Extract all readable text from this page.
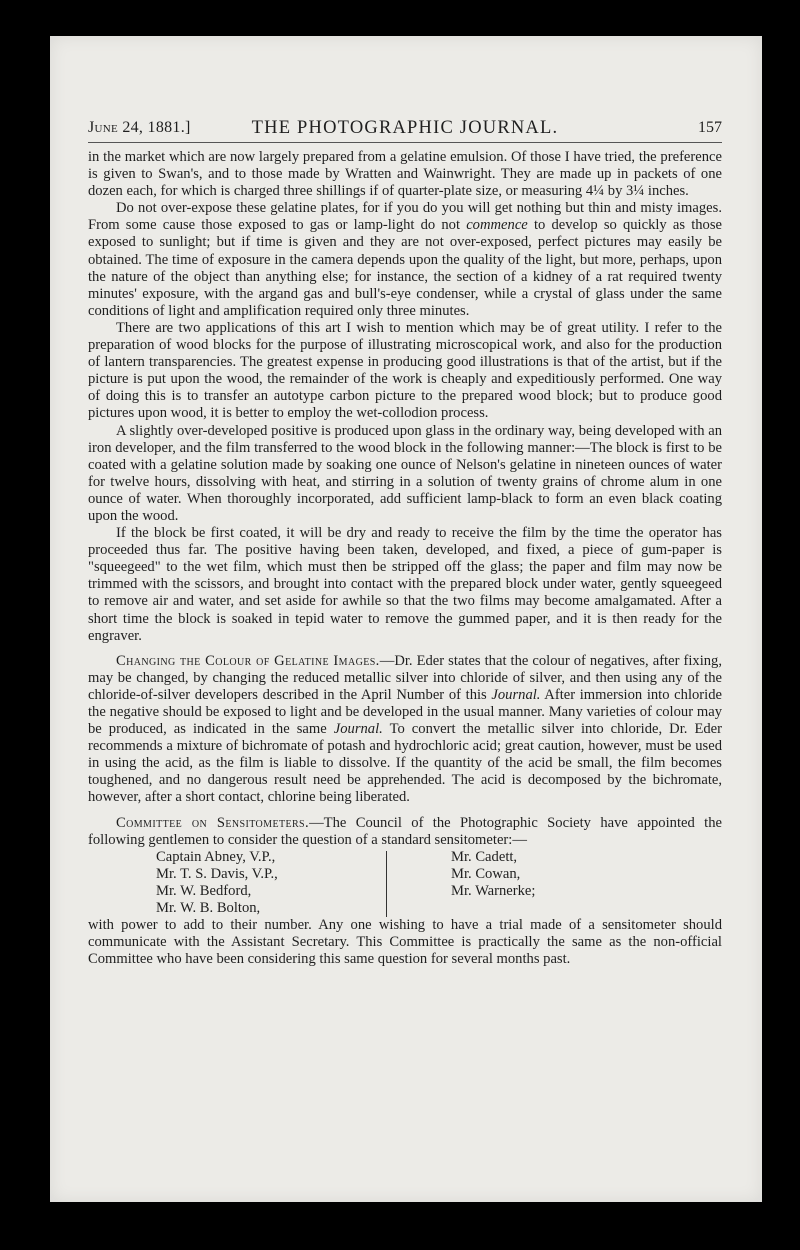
June 24, 1881.]	THE PHOTOGRAPHIC JOURNAL.	157

in the market which are now largely prepared from a gelatine emulsion. Of those I have tried, the preference is given to Swan's, and to those made by Wratten and Wainwright. They are made up in packets of one dozen each, for which is charged three shillings if of quarter-plate size, or measuring 4¼ by 3¼ inches.

Do not over-expose these gelatine plates, for if you do you will get nothing but thin and misty images. From some cause those exposed to gas or lamp-light do not commence to develop so quickly as those exposed to sunlight; but if time is given and they are not over-exposed, perfect pictures may easily be obtained. The time of exposure in the camera depends upon the quality of the light, but more, perhaps, upon the nature of the object than anything else; for instance, the section of a kidney of a rat required twenty minutes' exposure, with the argand gas and bull's-eye condenser, while a crystal of glass under the same conditions of light and amplification required only three minutes.

There are two applications of this art I wish to mention which may be of great utility. I refer to the preparation of wood blocks for the purpose of illustrating microscopical work, and also for the production of lantern transparencies. The greatest expense in producing good illustrations is that of the artist, but if the picture is put upon the wood, the remainder of the work is cheaply and expeditiously performed. One way of doing this is to transfer an autotype carbon picture to the prepared wood block; but to produce good pictures upon wood, it is better to employ the wet-collodion process.

A slightly over-developed positive is produced upon glass in the ordinary way, being developed with an iron developer, and the film transferred to the wood block in the following manner:—The block is first to be coated with a gelatine solution made by soaking one ounce of Nelson's gelatine in nineteen ounces of water for twelve hours, dissolving with heat, and stirring in a solution of twenty grains of chrome alum in one ounce of water. When thoroughly incorporated, add sufficient lamp-black to form an even black coating upon the wood.

If the block be first coated, it will be dry and ready to receive the film by the time the operator has proceeded thus far. The positive having been taken, developed, and fixed, a piece of gum-paper is "squeegeed" to the wet film, which must then be stripped off the glass; the paper and film may now be trimmed with the scissors, and brought into contact with the prepared block under water, gently squeegeed to remove air and water, and set aside for awhile so that the two films may become amalgamated. After a short time the block is soaked in tepid water to remove the gummed paper, and it is then ready for the engraver.

Changing the Colour of Gelatine Images.—Dr. Eder states that the colour of negatives, after fixing, may be changed, by changing the reduced metallic silver into chloride of silver, and then using any of the chloride-of-silver developers described in the April Number of this Journal. After immersion into chloride the negative should be exposed to light and be developed in the usual manner. Many varieties of colour may be produced, as indicated in the same Journal. To convert the metallic silver into chloride, Dr. Eder recommends a mixture of bichromate of potash and hydrochloric acid; great caution, however, must be used in using the acid, as the film is liable to dissolve. If the quantity of the acid be small, the film becomes toughened, and no dangerous result need be apprehended. The acid is decomposed by the bichromate, however, after a short contact, chlorine being liberated.

Committee on Sensitometers.—The Council of the Photographic Society have appointed the following gentlemen to consider the question of a standard sensitometer:—

Captain Abney, V.P.,
Mr. T. S. Davis, V.P.,
Mr. W. Bedford,
Mr. W. B. Bolton,
Mr. Cadett,
Mr. Cowan,
Mr. Warnerke;

with power to add to their number. Any one wishing to have a trial made of a sensitometer should communicate with the Assistant Secretary. This Committee is practically the same as the non-official Committee who have been considering this same question for several months past.
